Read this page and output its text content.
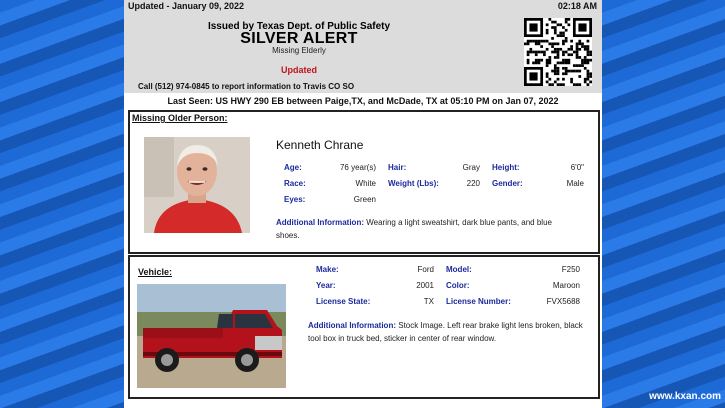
Updated - January 09, 2022	02:18 AM
Issued by Texas Dept. of Public Safety
SILVER ALERT
Missing Elderly
Updated
Call (512) 974-0845 to report information to Travis CO SO
Last Seen: US HWY 290 EB between Paige,TX, and McDade, TX at 05:10 PM on Jan 07, 2022
Missing Older Person:
Kenneth Chrane
Age:	76 year(s) Hair:	Gray Height:	6'0"
Race:	White Weight (Lbs):	220 Gender:	Male
Eyes:	Green
Additional Information: Wearing a light sweatshirt, dark blue pants, and blue shoes.
Vehicle:	Make:	Ford Model:	F250
Year:	2001 Color:	Maroon
License State:	TX License Number:	FVX5688
Additional Information: Stock Image. Left rear brake light lens broken, black tool box in truck bed, sticker in center of rear window.
www.kxan.com
